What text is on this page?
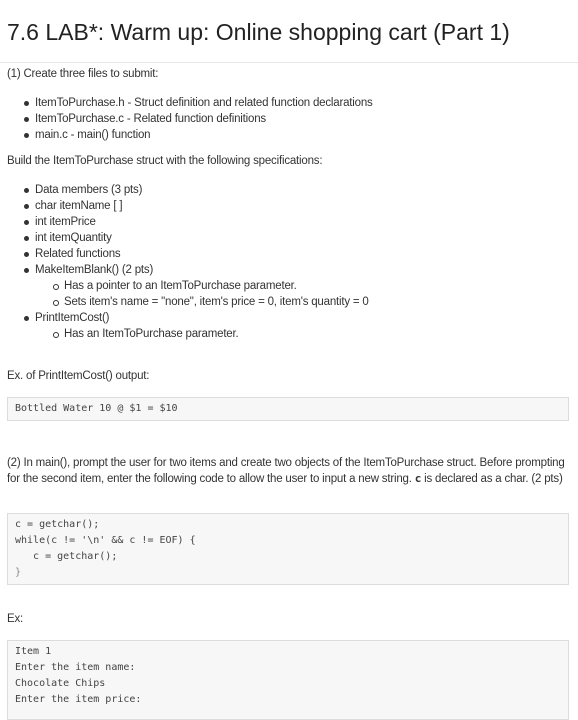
7.6 LAB*: Warm up: Online shopping cart (Part 1)

(1) Create three files to submit:

ItemToPurchase.h - Struct definition and related function declarations
ItemToPurchase.c - Related function definitions
main.c - main() function

Build the ItemToPurchase struct with the following specifications:

Data members (3 pts)
char itemName [ ]
int itemPrice
int itemQuantity
Related functions
MakeItemBlank() (2 pts)
Has a pointer to an ItemToPurchase parameter.
Sets item's name = "none", item's price = 0, item's quantity = 0
PrintItemCost()
Has an ItemToPurchase parameter.

Ex. of PrintItemCost() output:

Bottled Water 10 @ $1 = $10

(2) In main(), prompt the user for two items and create two objects of the ItemToPurchase struct. Before prompting for the second item, enter the following code to allow the user to input a new string. c is declared as a char. (2 pts)

c = getchar();
while(c != '\n' && c != EOF) {
c = getchar();
}

Ex:

Item 1
Enter the item name:
Chocolate Chips
Enter the item price:
